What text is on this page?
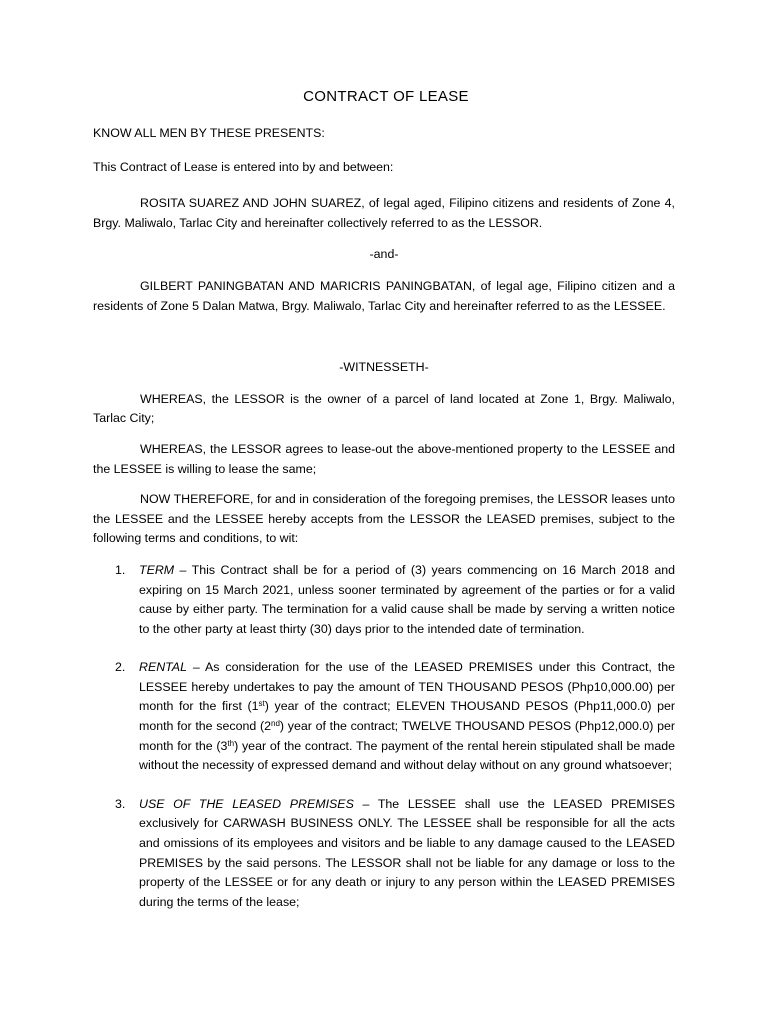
CONTRACT OF LEASE

KNOW ALL MEN BY THESE PRESENTS:

This Contract of Lease is entered into by and between:

ROSITA SUAREZ AND JOHN SUAREZ, of legal aged, Filipino citizens and residents of Zone 4, Brgy. Maliwalo, Tarlac City and hereinafter collectively referred to as the LESSOR.

-and-

GILBERT PANINGBATAN AND MARICRIS PANINGBATAN, of legal age, Filipino citizen and a residents of Zone 5 Dalan Matwa, Brgy. Maliwalo, Tarlac City and hereinafter referred to as the LESSEE.

-WITNESSETH-

WHEREAS, the LESSOR is the owner of a parcel of land located at Zone 1, Brgy. Maliwalo, Tarlac City;

WHEREAS, the LESSOR agrees to lease-out the above-mentioned property to the LESSEE and the LESSEE is willing to lease the same;

NOW THEREFORE, for and in consideration of the foregoing premises, the LESSOR leases unto the LESSEE and the LESSEE hereby accepts from the LESSOR the LEASED premises, subject to the following terms and conditions, to wit:

1. TERM – This Contract shall be for a period of (3) years commencing on 16 March 2018 and expiring on 15 March 2021, unless sooner terminated by agreement of the parties or for a valid cause by either party. The termination for a valid cause shall be made by serving a written notice to the other party at least thirty (30) days prior to the intended date of termination.

2. RENTAL – As consideration for the use of the LEASED PREMISES under this Contract, the LESSEE hereby undertakes to pay the amount of TEN THOUSAND PESOS (Php10,000.00) per month for the first (1st) year of the contract; ELEVEN THOUSAND PESOS (Php11,000.0) per month for the second (2nd) year of the contract; TWELVE THOUSAND PESOS (Php12,000.0) per month for the (3th) year of the contract. The payment of the rental herein stipulated shall be made without the necessity of expressed demand and without delay without on any ground whatsoever;

3. USE OF THE LEASED PREMISES – The LESSEE shall use the LEASED PREMISES exclusively for CARWASH BUSINESS ONLY. The LESSEE shall be responsible for all the acts and omissions of its employees and visitors and be liable to any damage caused to the LEASED PREMISES by the said persons. The LESSOR shall not be liable for any damage or loss to the property of the LESSEE or for any death or injury to any person within the LEASED PREMISES during the terms of the lease;
